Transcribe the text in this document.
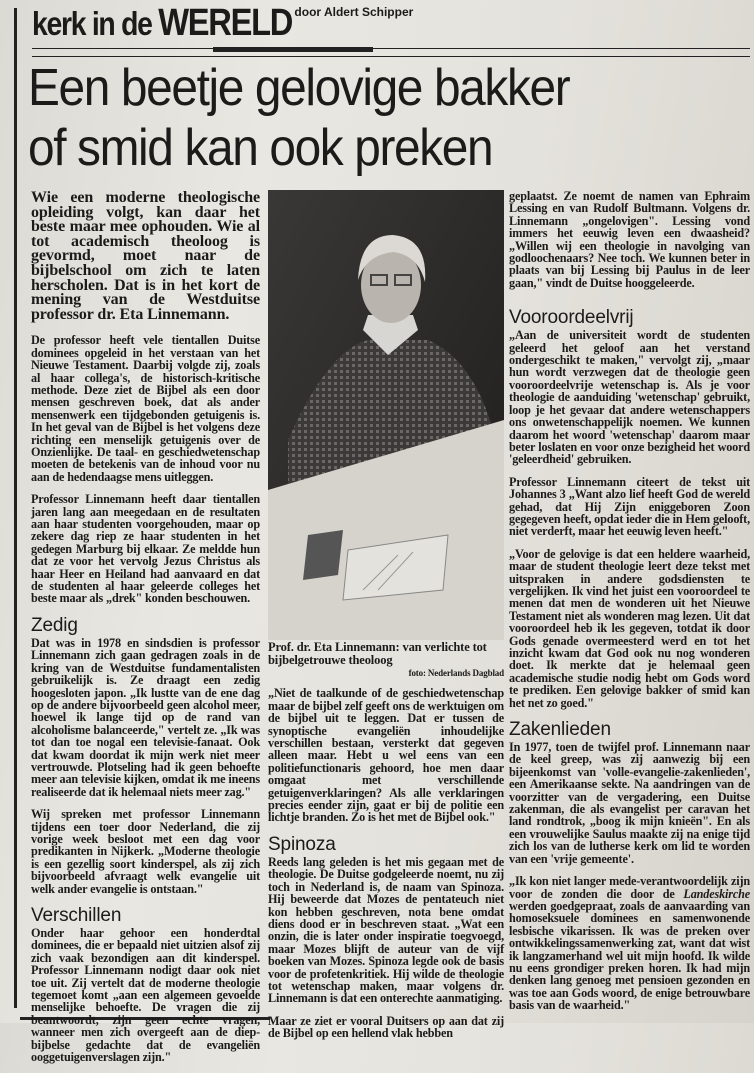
kerk in de WERELD door Aldert Schipper
Een beetje gelovige bakker
of smid kan ook preken

Wie een moderne theologische opleiding volgt, kan daar het beste maar mee ophouden. Wie al tot academisch theoloog is gevormd, moet naar de bijbelschool om zich te laten herscholen. Dat is in het kort de mening van de Westduitse professor dr. Eta Linnemann.

De professor heeft vele tientallen Duitse dominees opgeleid in het verstaan van het Nieuwe Testament. Daarbij volgde zij, zoals al haar collega's, de historisch-kritische methode. Deze ziet de Bijbel als een door mensen geschreven boek, dat als ander mensenwerk een tijdgebonden getuigenis is. In het geval van de Bijbel is het volgens deze richting een menselijk getuigenis over de Onzienlijke. De taal- en geschiedwetenschap moeten de betekenis van de inhoud voor nu aan de hedendaagse mens uitleggen.

Professor Linnemann heeft daar tientallen jaren lang aan meegedaan en de resultaten aan haar studenten voorgehouden, maar op zekere dag riep ze haar studenten in het gedegen Marburg bij elkaar. Ze meldde hun dat ze voor het vervolg Jezus Christus als haar Heer en Heiland had aanvaard en dat de studenten al haar geleerde colleges het beste maar als „drek" konden beschouwen.

Zedig

Dat was in 1978 en sindsdien is professor Linnemann zich gaan gedragen zoals in de kring van de Westduitse fundamentalisten gebruikelijk is. Ze draagt een zedig hoogesloten japon. „Ik lustte van de ene dag op de andere bijvoorbeeld geen alcohol meer, hoewel ik lange tijd op de rand van alcoholisme balanceerde," vertelt ze. „Ik was tot dan toe nogal een televisie-fanaat. Ook dat kwam doordat ik mijn werk niet meer vertrouwde. Plotseling had ik geen behoefte meer aan televisie kijken, omdat ik me ineens realiseerde dat ik helemaal niets meer zag."

Wij spreken met professor Linnemann tijdens een toer door Nederland, die zij vorige week besloot met een dag voor predikanten in Nijkerk. „Moderne theologie is een gezellig soort kinderspel, als zij zich bijvoorbeeld afvraagt welk evangelie uit welk ander evangelie is ontstaan."

Verschillen

Onder haar gehoor een honderdtal dominees, die er bepaald niet uitzien alsof zij zich vaak bezondigen aan dit kinderspel. Professor Linnemann nodigt daar ook niet toe uit. Zij vertelt dat de moderne theologie tegemoet komt „aan een algemeen gevoelde menselijke behoefte. De vragen die zij beantwoordt, zijn geen echte vragen, wanneer men zich overgeeft aan de diep-bijbelse gedachte dat de evangeliën ooggetuigenverslagen zijn."

Prof. dr. Eta Linnemann: van verlichte tot bijbelgetrouwe theoloog

foto: Nederlands Dagblad

„Niet de taalkunde of de geschiedwetenschap maar de bijbel zelf geeft ons de werktuigen om de bijbel uit te leggen. Dat er tussen de synoptische evangeliën inhoudelijke verschillen bestaan, versterkt dat gegeven alleen maar. Hebt u wel eens van een politiefunctionaris gehoord, hoe men daar omgaat met verschillende getuigenverklaringen? Als alle verklaringen precies eender zijn, gaat er bij de politie een lichtje branden. Zo is het met de Bijbel ook."

Spinoza

Reeds lang geleden is het mis gegaan met de theologie. De Duitse godgeleerde noemt, nu zij toch in Nederland is, de naam van Spinoza. Hij beweerde dat Mozes de pentateuch niet kon hebben geschreven, nota bene omdat diens dood er in beschreven staat. „Wat een onzin, die is later onder inspiratie toegvoegd, maar Mozes blijft de auteur van de vijf boeken van Mozes. Spinoza legde ook de basis voor de profetenkritiek. Hij wilde de theologie tot wetenschap maken, maar volgens dr. Linnemann is dat een onterechte aanmatiging.

Maar ze ziet er vooral Duitsers op aan dat zij de Bijbel op een hellend vlak hebben

geplaatst. Ze noemt de namen van Ephraim Lessing en van Rudolf Bultmann. Volgens dr. Linnemann „ongelovigen". Lessing vond immers het eeuwig leven een dwaasheid? „Willen wij een theologie in navolging van godloochenaars? Nee toch. We kunnen beter in plaats van bij Lessing bij Paulus in de leer gaan," vindt de Duitse hooggeleerde.

Vooroordeelvrij

„Aan de universiteit wordt de studenten geleerd het geloof aan het verstand ondergeschikt te maken," vervolgt zij, „maar hun wordt verzwegen dat de theologie geen vooroordeelvrije wetenschap is. Als je voor theologie de aanduiding 'wetenschap' gebruikt, loop je het gevaar dat andere wetenschappers ons onwetenschappelijk noemen. We kunnen daarom het woord 'wetenschap' daarom maar beter loslaten en voor onze bezigheid het woord 'geleerdheid' gebruiken.

Professor Linnemann citeert de tekst uit Johannes 3 „Want alzo lief heeft God de wereld gehad, dat Hij Zijn eniggeboren Zoon gegegeven heeft, opdat ieder die in Hem gelooft, niet verderft, maar het eeuwig leven heeft."

„Voor de gelovige is dat een heldere waarheid, maar de student theologie leert deze tekst met uitspraken in andere godsdiensten te vergelijken. Ik vind het juist een vooroordeel te menen dat men de wonderen uit het Nieuwe Testament niet als wonderen mag lezen. Uit dat vooroordeel heb ik les gegeven, totdat ik door Gods genade overmeesterd werd en tot het inzicht kwam dat God ook nu nog wonderen doet. Ik merkte dat je helemaal geen academische studie nodig hebt om Gods word te prediken. Een gelovige bakker of smid kan het net zo goed."

Zakenlieden

In 1977, toen de twijfel prof. Linnemann naar de keel greep, was zij aanwezig bij een bijeenkomst van 'volle-evangelie-zakenlieden', een Amerikaanse sekte. Na aandringen van de voorzitter van de vergadering, een Duitse zakenman, die als evangelist per caravan het land rondtrok, „boog ik mijn knieën". En als een vrouwelijke Saulus maakte zij na enige tijd zich los van de lutherse kerk om lid te worden van een 'vrije gemeente'.

„Ik kon niet langer mede-verantwoordelijk zijn voor de zonden die door de Landeskirche werden goedgepraat, zoals de aanvaarding van homoseksuele dominees en samenwonende lesbische vikarissen. Ik was de preken over ontwikkelingssamenwerking zat, want dat wist ik langzamerhand wel uit mijn hoofd. Ik wilde nu eens grondiger preken horen. Ik had mijn denken lang genoeg met pensioen gezonden en was toe aan Gods woord, de enige betrouwbare basis van de waarheid."
